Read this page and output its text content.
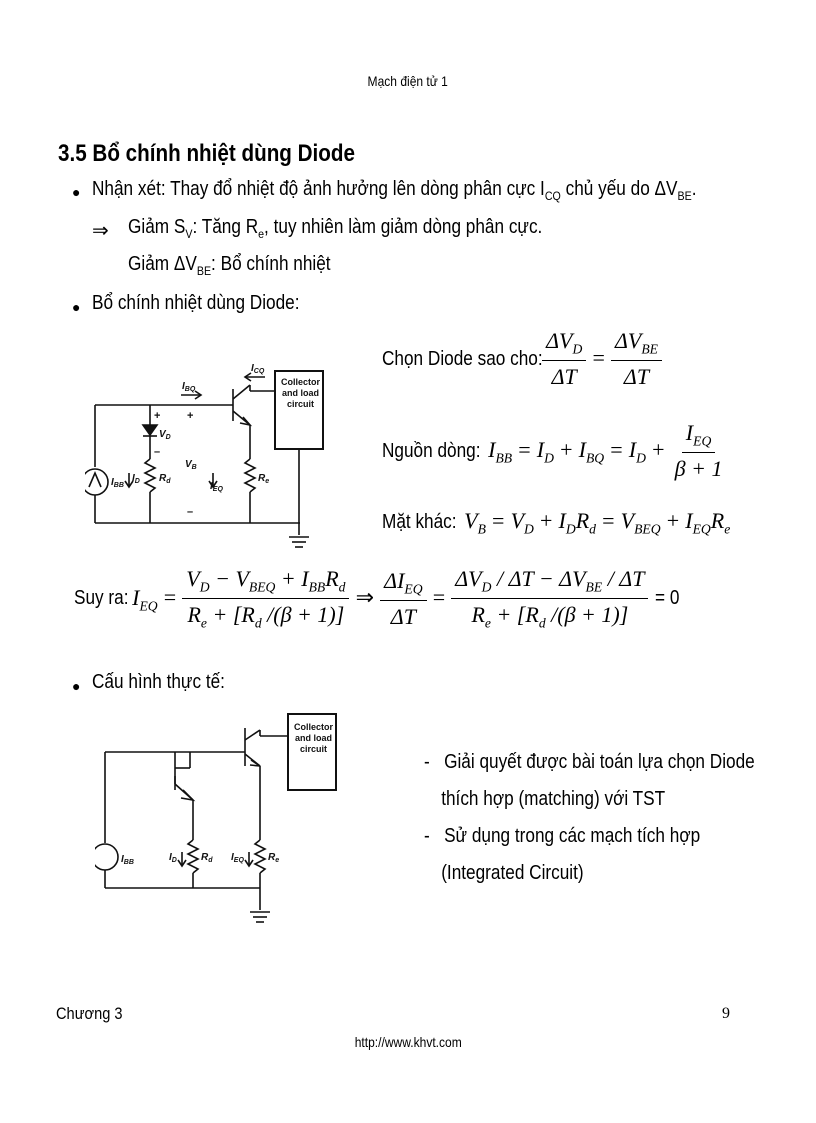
Mạch điện tử 1
3.5 Bổ chính nhiệt dùng Diode
● Nhận xét: Thay đổ nhiệt độ ảnh hưởng lên dòng phân cực $I_{CQ}$ chủ yếu do $\Delta V_{BE}$.
⇒ Giảm $S_V$: Tăng $R_e$, tuy nhiên làm giảm dòng phân cực.
Giảm $\Delta V_{BE}$: Bổ chính nhiệt
● Bổ chính nhiệt dùng Diode:
Collector
and load
circuit
$I_{BQ}$
$I_{CQ}$
$V_D$
$V_B$
$I_{BB}$
$I_D$ $R_d$	$I_{EQ}$
$R_e$
+ +
–
–
Chọn Diode sao cho: $\frac{\Delta V_D}{\Delta T} = \frac{\Delta V_{BE}}{\Delta T}$
Nguồn dòng: $I_{BB} = I_D + I_{BQ} = I_D + \frac{I_{EQ}}{\beta + 1}$
Mặt khác: $V_B = V_D + I_DR_d = V_{BEQ} + I_{EQ}R_e$
Suy ra: $I_{EQ} = \frac{V_D - V_{BEQ} + I_{BB}R_d}{R_e + [R_d /(\beta + 1)]}$ ⇒ $\frac{\Delta I_{EQ}}{\Delta T} = \frac{\Delta V_D / \Delta T - \Delta V_{BE} / \Delta T}{R_e + [R_d /(\beta + 1)]} = 0$
● Cấu hình thực tế:
Collector
and load
circuit
$I_{BB}$	$I_D$ $R_d$ $I_{EQ}$ $R_e$
-   Giải quyết được bài toán lựa chọn Diode
thích hợp (matching) với TST
-   Sử dụng trong các mạch tích hợp
(Integrated Circuit)
Chương 3	9
http://www.khvt.com
